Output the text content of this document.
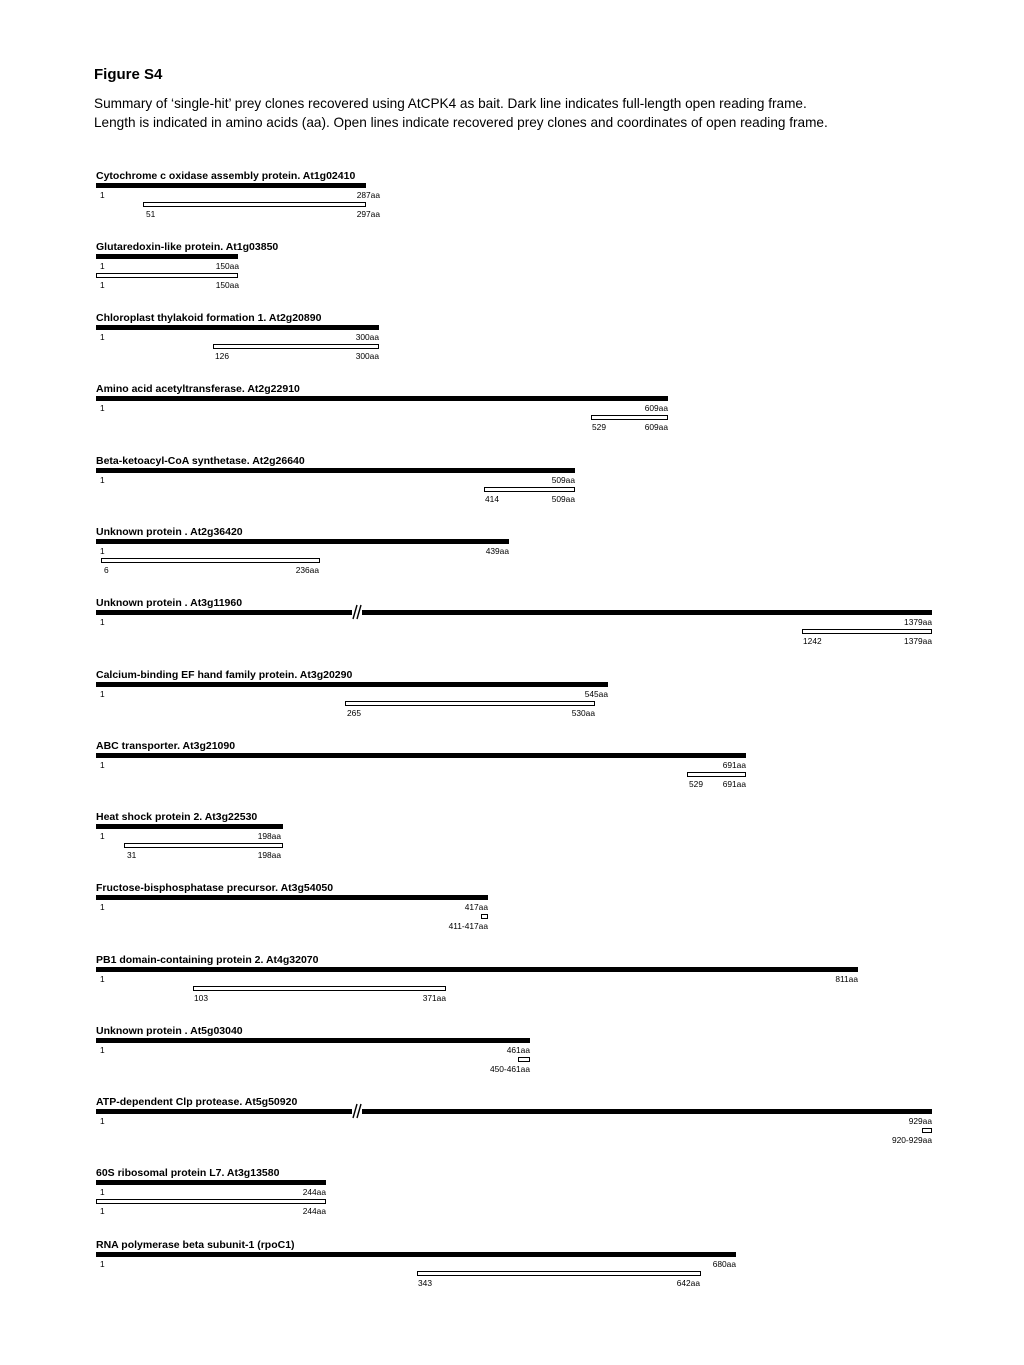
Figure S4
Summary of ‘single-hit’ prey clones recovered using AtCPK4 as bait. Dark line indicates full-length open reading frame.
Length is indicated in amino acids (aa). Open lines indicate recovered prey clones and coordinates of open reading frame.
Cytochrome c oxidase assembly protein. At1g02410
1	287aa
51	297aa
Glutaredoxin-like protein. At1g03850
1	150aa
1	150aa
Chloroplast thylakoid formation 1. At2g20890
1	300aa
126	300aa
Amino acid acetyltransferase. At2g22910
1	609aa
529	609aa
Beta-ketoacyl-CoA synthetase. At2g26640
1	509aa
414	509aa
Unknown protein . At2g36420
1	439aa
6	236aa
Unknown protein . At3g11960
1	1379aa
1242	1379aa
Calcium-binding EF hand family protein. At3g20290
1	545aa
265	530aa
ABC transporter. At3g21090
1	691aa
529 691aa
Heat shock protein 2. At3g22530
1	198aa
31	198aa
Fructose-bisphosphatase precursor. At3g54050
1	417aa
411-417aa
PB1 domain-containing protein 2. At4g32070
1	811aa
103	371aa
Unknown protein . At5g03040
1	461aa
450-461aa
ATP-dependent Clp protease. At5g50920
1	929aa
920-929aa
60S ribosomal protein L7. At3g13580
1	244aa
1	244aa
RNA polymerase beta subunit-1 (rpoC1)
1	680aa
343	642aa
